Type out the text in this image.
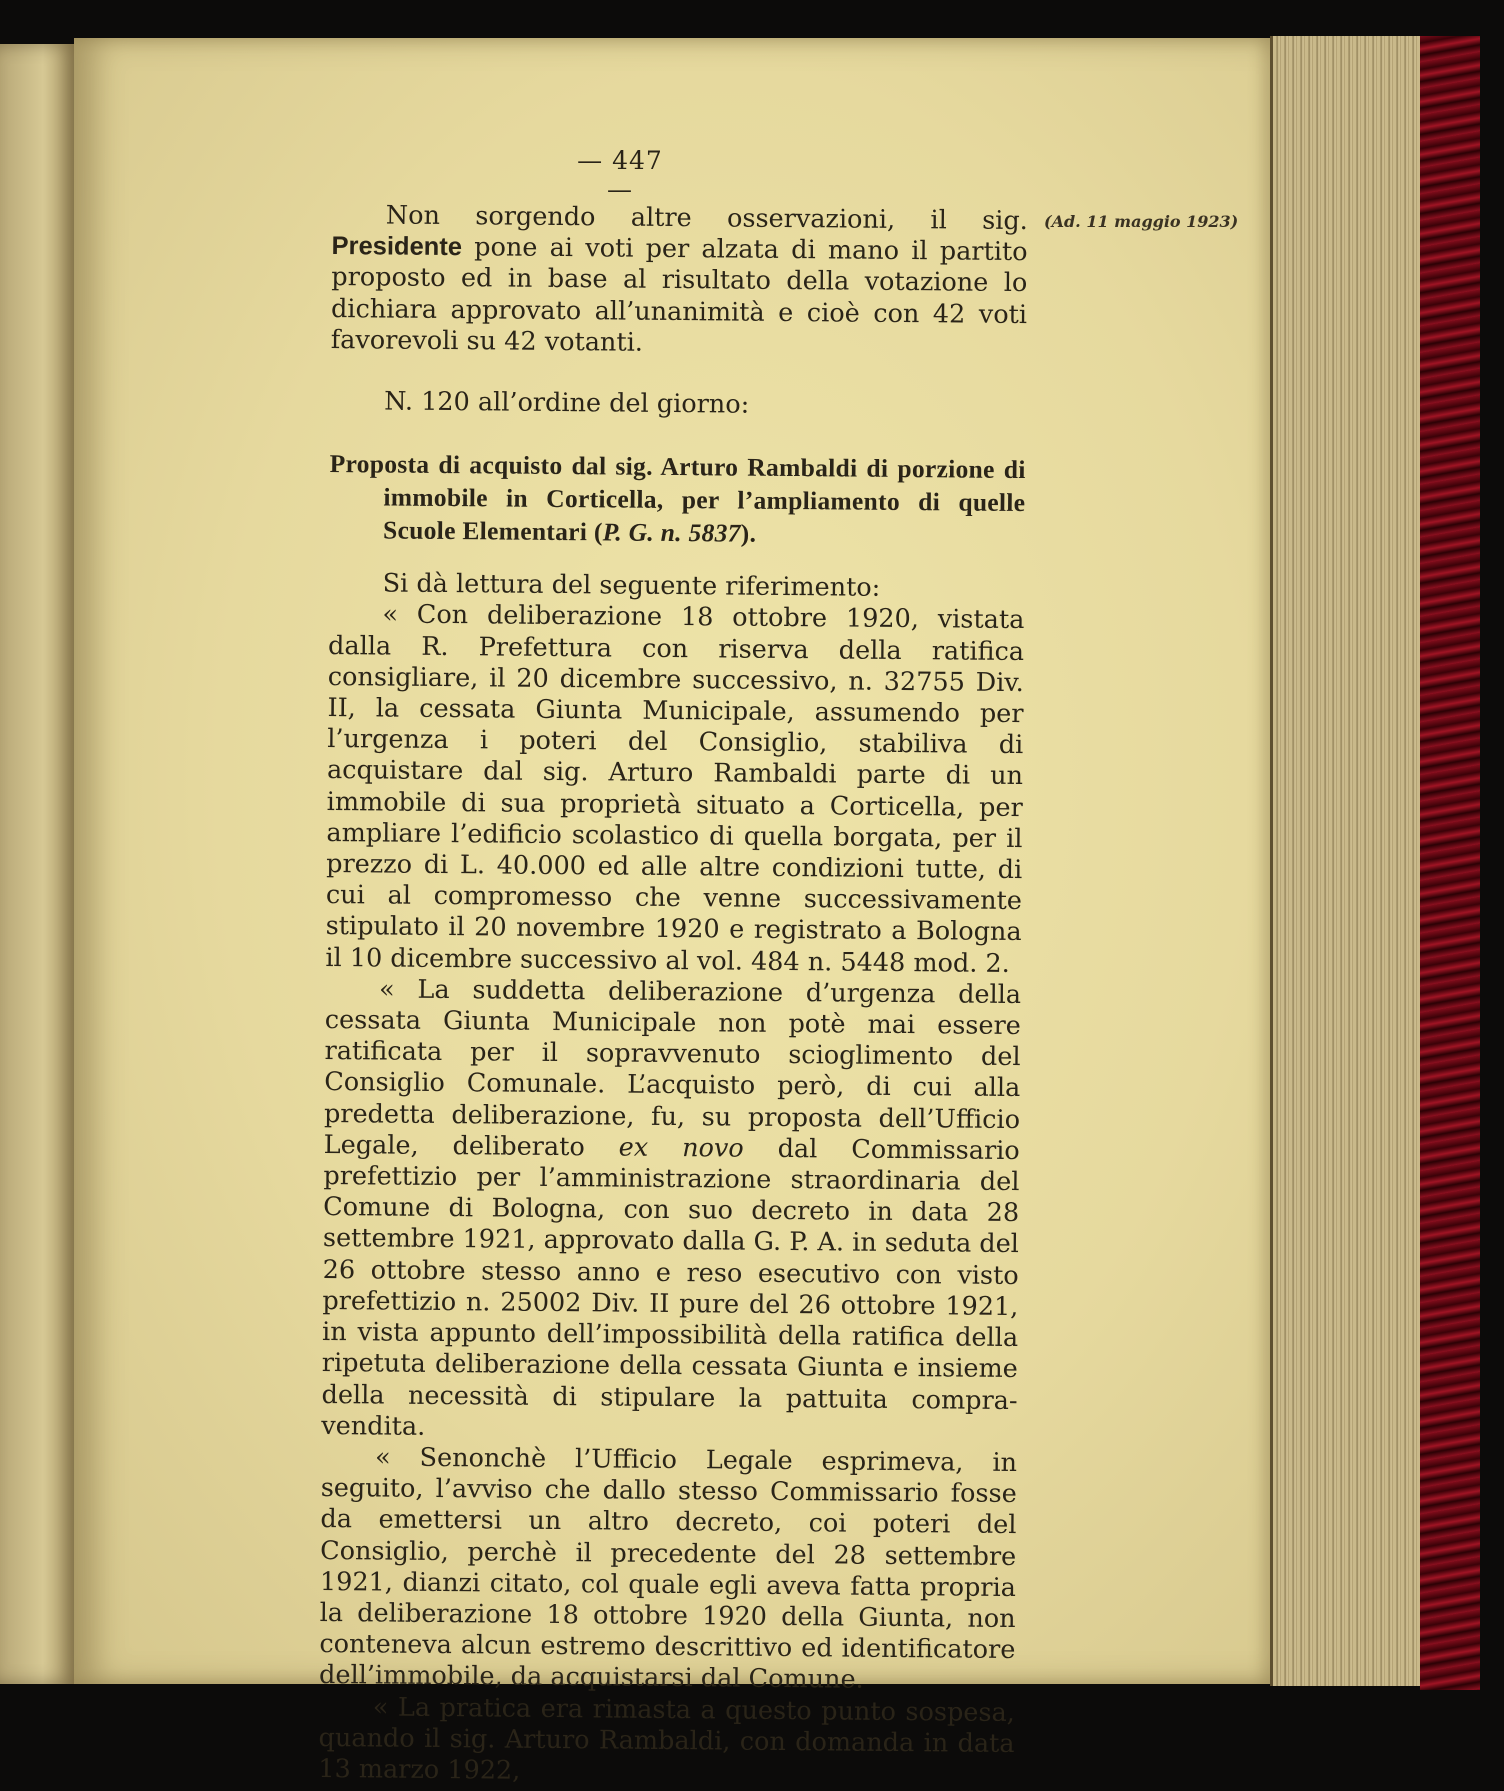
— 447 —
(Ad. 11 maggio 1923)

Non sorgendo altre osservazioni, il sig. Presidente pone ai voti per alzata di mano il partito proposto ed in base al risultato della votazione lo dichiara approvato all’unanimità e cioè con 42 voti favorevoli su 42 votanti.

N. 120 all’ordine del giorno:

Proposta di acquisto dal sig. Arturo Rambaldi di porzione di immobile in Corticella, per l’ampliamento di quelle Scuole Elementari (P. G. n. 5837).

Si dà lettura del seguente riferimento:

« Con deliberazione 18 ottobre 1920, vistata dalla R. Prefettura con riserva della ratifica consigliare, il 20 dicembre successivo, n. 32755 Div. II, la cessata Giunta Municipale, assumendo per l’urgenza i poteri del Consiglio, stabiliva di acquistare dal sig. Arturo Rambaldi parte di un immobile di sua proprietà situato a Corticella, per ampliare l’edificio scolastico di quella borgata, per il prezzo di L. 40.000 ed alle altre condizioni tutte, di cui al compromesso che venne successivamente stipulato il 20 novembre 1920 e registrato a Bologna il 10 dicembre successivo al vol. 484 n. 5448 mod. 2.

« La suddetta deliberazione d’urgenza della cessata Giunta Municipale non potè mai essere ratificata per il sopravvenuto scioglimento del Consiglio Comunale. L’acquisto però, di cui alla predetta deliberazione, fu, su proposta dell’Ufficio Legale, deliberato ex novo dal Commissario prefettizio per l’amministrazione straordinaria del Comune di Bologna, con suo decreto in data 28 settembre 1921, approvato dalla G. P. A. in seduta del 26 ottobre stesso anno e reso esecutivo con visto prefettizio n. 25002 Div. II pure del 26 ottobre 1921, in vista appunto dell’impossibilità della ratifica della ripetuta deliberazione della cessata Giunta e insieme della necessità di stipulare la pattuita compra-vendita.

« Senonchè l’Ufficio Legale esprimeva, in seguito, l’avviso che dallo stesso Commissario fosse da emettersi un altro decreto, coi poteri del Consiglio, perchè il precedente del 28 settembre 1921, dianzi citato, col quale egli aveva fatta propria la deliberazione 18 ottobre 1920 della Giunta, non conteneva alcun estremo descrittivo ed identificatore dell’immobile, da acquistarsi dal Comune.

« La pratica era rimasta a questo punto sospesa, quando il sig. Arturo Rambaldi, con domanda in data 13 marzo 1922,
